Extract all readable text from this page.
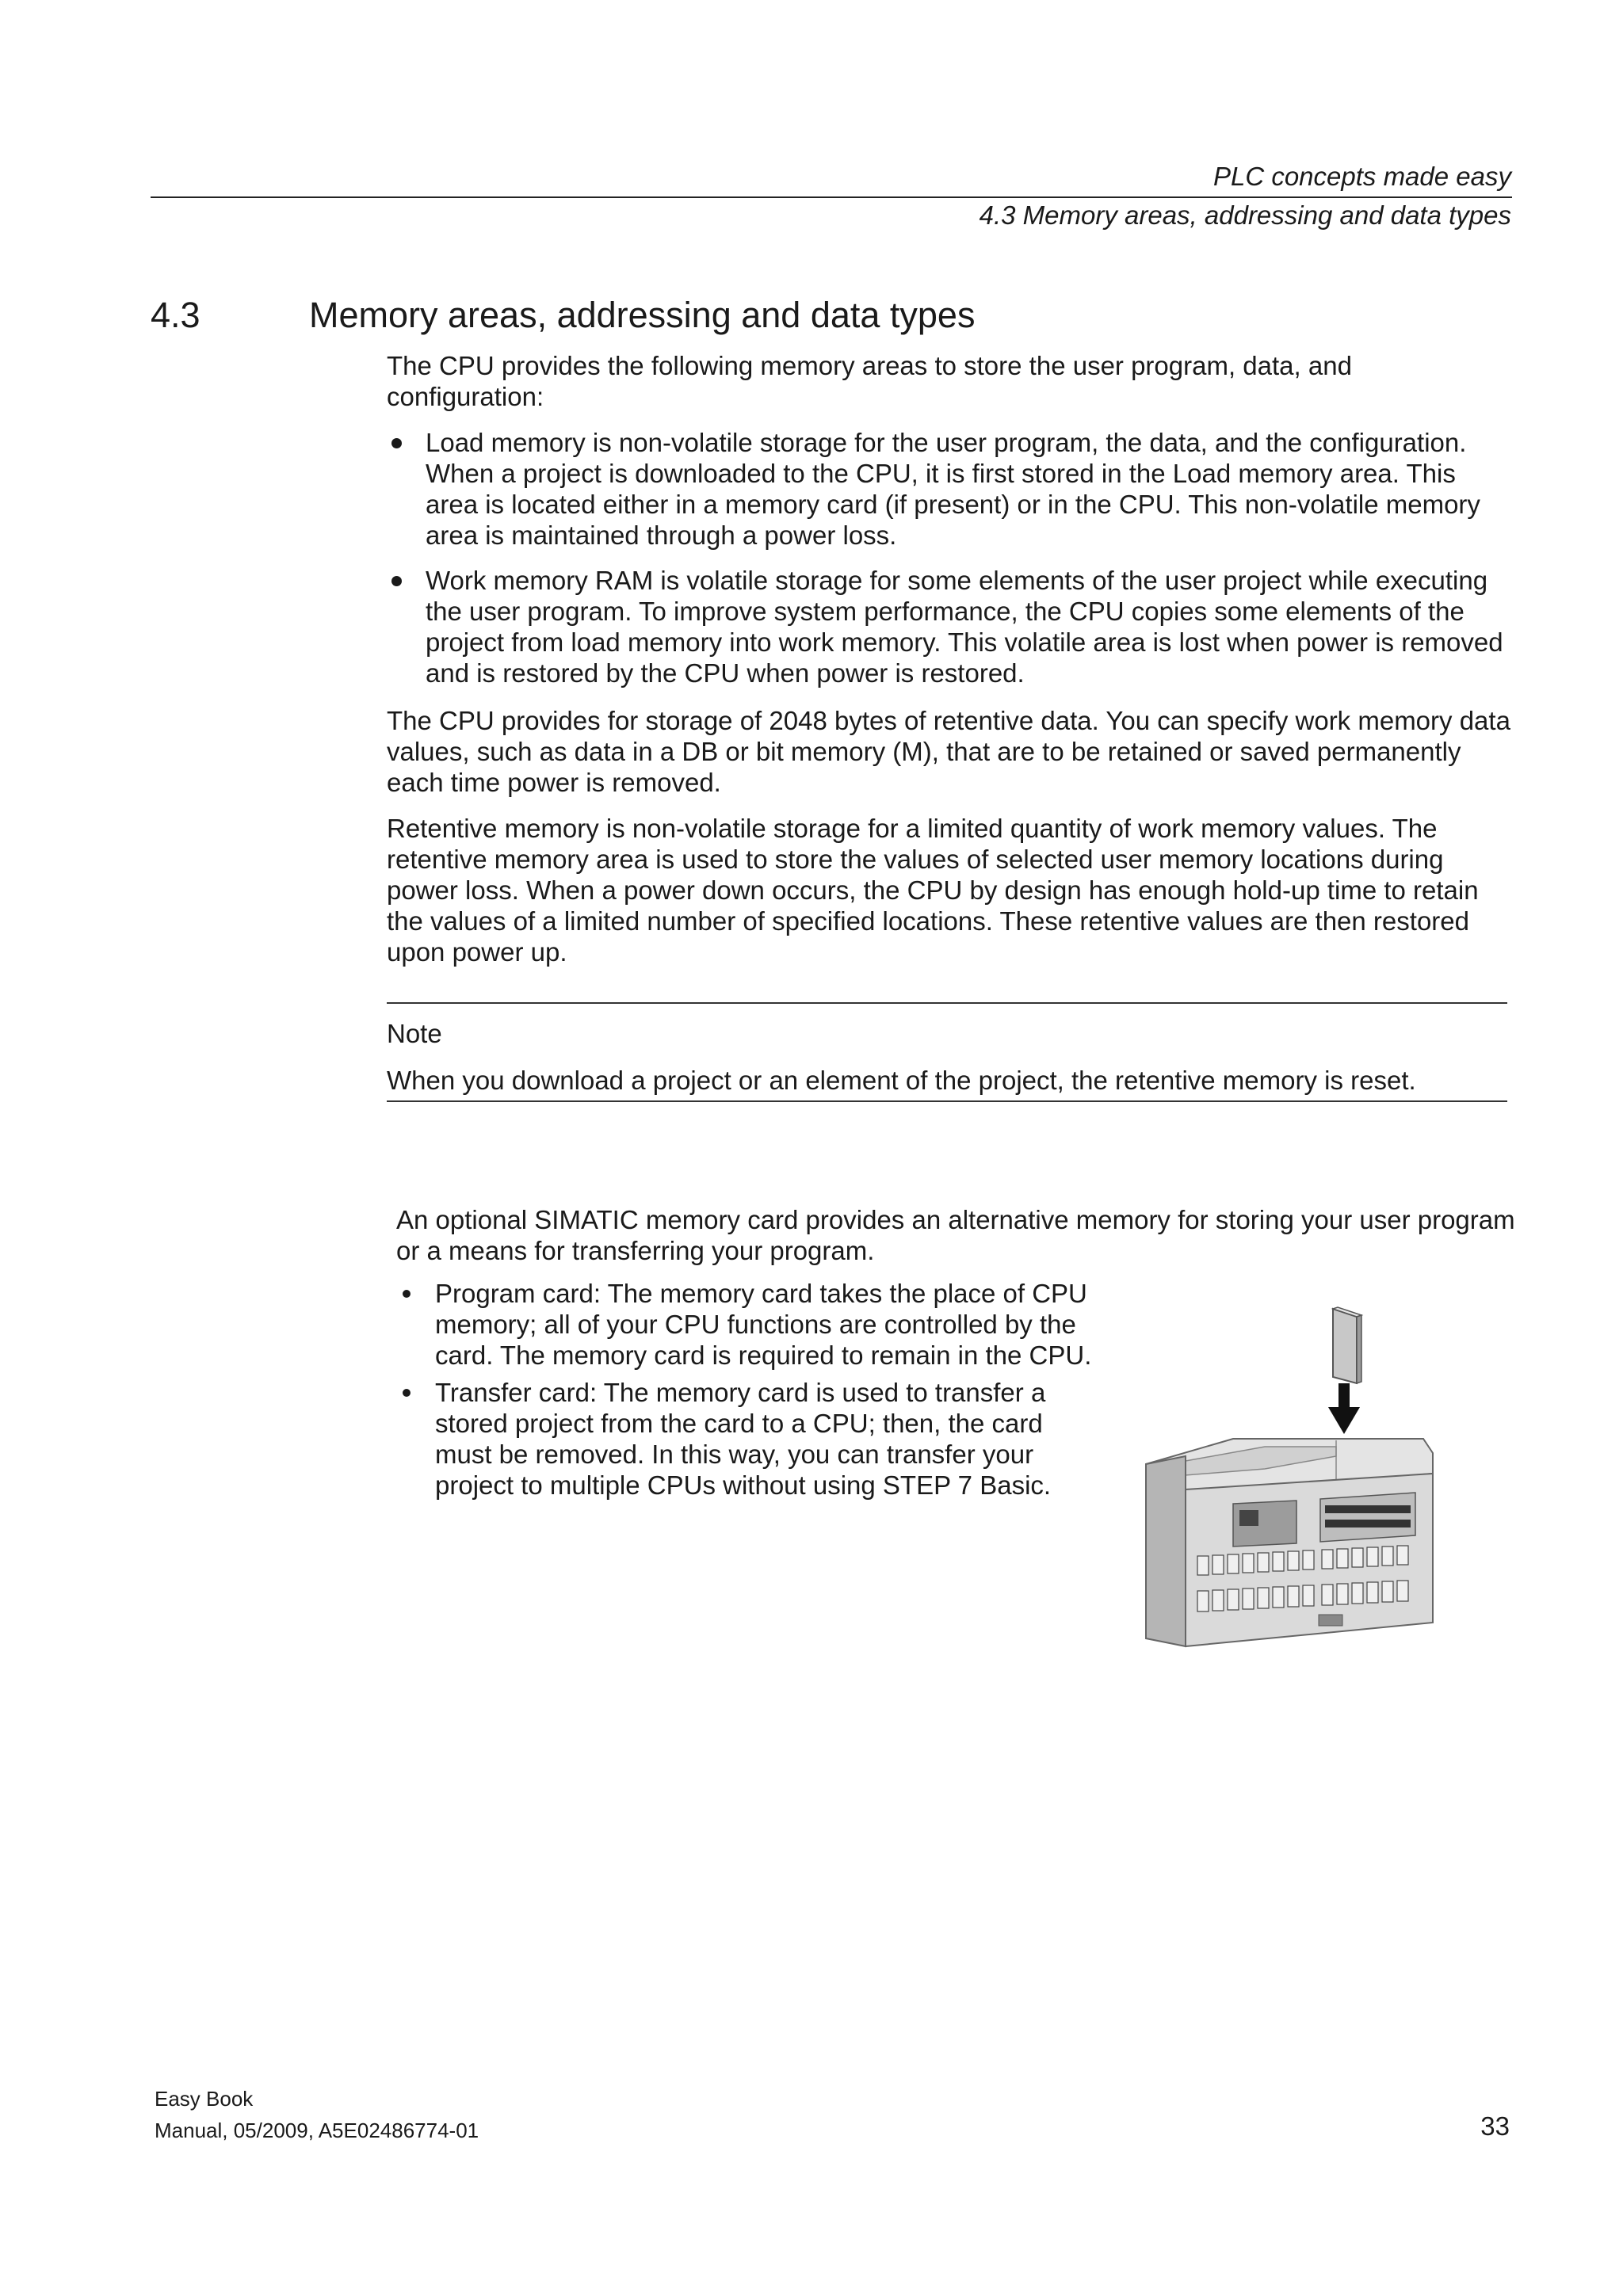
PLC concepts made easy
4.3 Memory areas, addressing and data types
4.3	Memory areas, addressing and data types
The CPU provides the following memory areas to store the user program, data, and configuration:
Load memory is non-volatile storage for the user program, the data, and the configuration. When a project is downloaded to the CPU, it is first stored in the Load memory area. This area is located either in a memory card (if present) or in the CPU. This non-volatile memory area is maintained through a power loss.
Work memory RAM is volatile storage for some elements of the user project while executing the user program. To improve system performance, the CPU copies some elements of the project from load memory into work memory. This volatile area is lost when power is removed and is restored by the CPU when power is restored.
The CPU provides for storage of 2048 bytes of retentive data. You can specify work memory data values, such as data in a DB or bit memory (M), that are to be retained or saved permanently each time power is removed.
Retentive memory is non-volatile storage for a limited quantity of work memory values. The retentive memory area is used to store the values of selected user memory locations during power loss. When a power down occurs, the CPU by design has enough hold-up time to retain the values of a limited number of specified locations. These retentive values are then restored upon power up.
Note
When you download a project or an element of the project, the retentive memory is reset.
An optional SIMATIC memory card provides an alternative memory for storing your user program or a means for transferring your program.
Program card: The memory card takes the place of CPU memory; all of your CPU functions are controlled by the card. The memory card is required to remain in the CPU.
Transfer card: The memory card is used to transfer a stored project from the card to a CPU; then, the card must be removed. In this way, you can transfer your project to multiple CPUs without using STEP 7 Basic.
Easy Book
Manual, 05/2009, A5E02486774-01	33
